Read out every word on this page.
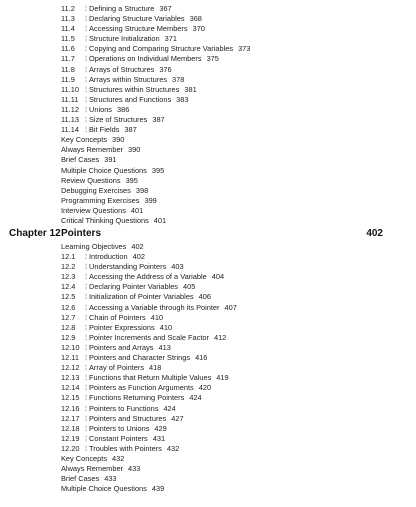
11.2	¦ Defining a Structure 367
11.3	¦ Declaring Structure Variables 368
11.4	¦ Accessing Structure Members 370
11.5	¦ Structure Initialization 371
11.6	¦ Copying and Comparing Structure Variables 373
11.7	¦ Operations on Individual Members 375
11.8	¦ Arrays of Structures 376
11.9	¦ Arrays within Structures 378
11.10	¦ Structures within Structures 381
11.11	¦ Structures and Functions 383
11.12	¦ Unions 386
11.13	¦ Size of Structures 387
11.14	¦ Bit Fields 387
Key Concepts 390
Always Remember 390
Brief Cases 391
Multiple Choice Questions 395
Review Questions 395
Debugging Exercises 398
Programming Exercises 399
Interview Questions 401
Critical Thinking Questions 401
Chapter 12 Pointers	402
Learning Objectives 402
12.1	¦ Introduction 402
12.2	¦ Understanding Pointers 403
12.3	¦ Accessing the Address of a Variable 404
12.4	¦ Declaring Pointer Variables 405
12.5	¦ Initialization of Pointer Variables 406
12.6	¦ Accessing a Variable through its Pointer 407
12.7	¦ Chain of Pointers 410
12.8	¦ Pointer Expressions 410
12.9	¦ Pointer Increments and Scale Factor 412
12.10 ¦ Pointers and Arrays 413
12.11	¦ Pointers and Character Strings 416
12.12 ¦ Array of Pointers 418
12.13 ¦ Functions that Return Multiple Values 419
12.14 ¦ Pointers as Function Arguments 420
12.15 ¦ Functions Returning Pointers 424
12.16 ¦ Pointers to Functions 424
12.17 ¦ Pointers and Structures 427
12.18 ¦ Pointers to Unions 429
12.19 ¦ Constant Pointers 431
12.20 ¦ Troubles with Pointers 432
Key Concepts 432
Always Remember 433
Brief Cases 433
Multiple Choice Questions 439
